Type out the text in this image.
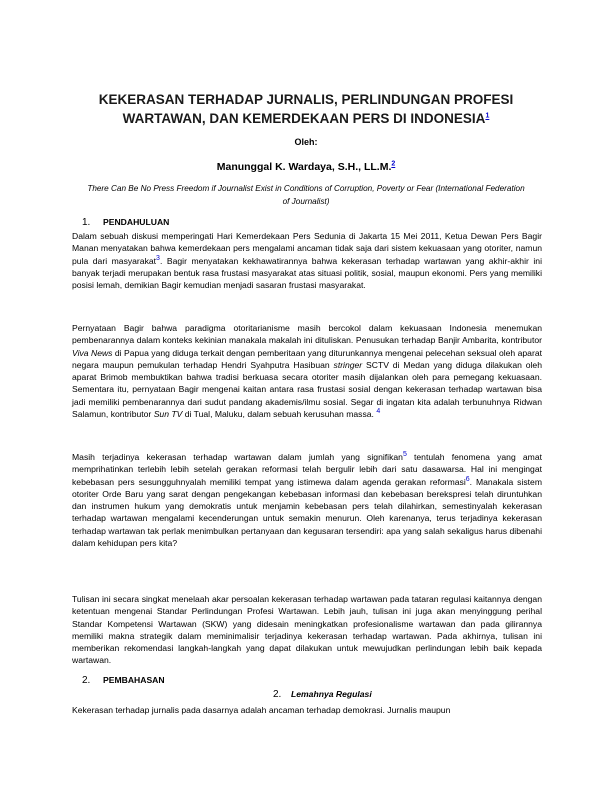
KEKERASAN TERHADAP JURNALIS, PERLINDUNGAN PROFESI
WARTAWAN, DAN KEMERDEKAAN PERS DI INDONESIA$^1$
Oleh:
Manunggal K. Wardaya, S.H., LL.M.$^2$
There Can Be No Press Freedom if Journalist Exist in Conditions of Corruption, Poverty or Fear (International Federation of Journalist)
1. PENDAHULUAN
Dalam sebuah diskusi memperingati Hari Kemerdekaan Pers Sedunia di Jakarta 15 Mei 2011, Ketua Dewan Pers Bagir Manan menyatakan bahwa kemerdekaan pers mengalami ancaman tidak saja dari sistem kekuasaan yang otoriter, namun pula dari masyarakat$^3$. Bagir menyatakan kekhawatirannya bahwa kekerasan terhadap wartawan yang akhir-akhir ini banyak terjadi merupakan bentuk rasa frustasi masyarakat atas situasi politik, sosial, maupun ekonomi. Pers yang memiliki posisi lemah, demikian Bagir kemudian menjadi sasaran frustasi masyarakat.
Pernyataan Bagir bahwa paradigma otoritarianisme masih bercokol dalam kekuasaan Indonesia menemukan pembenarannya dalam konteks kekinian manakala makalah ini dituliskan. Penusukan terhadap Banjir Ambarita, kontributor Viva News di Papua yang diduga terkait dengan pemberitaan yang diturunkannya mengenai pelecehan seksual oleh aparat negara maupun pemukulan terhadap Hendri Syahputra Hasibuan stringer SCTV di Medan yang diduga dilakukan oleh aparat Brimob membuktikan bahwa tradisi berkuasa secara otoriter masih dijalankan oleh para pemegang kekuasaan. Sementara itu, pernyataan Bagir mengenai kaitan antara rasa frustasi sosial dengan kekerasan terhadap wartawan bisa jadi memiliki pembenarannya dari sudut pandang akademis/ilmu sosial. Segar di ingatan kita adalah terbunuhnya Ridwan Salamun, kontributor Sun TV di Tual, Maluku, dalam sebuah kerusuhan massa. $^4$
Masih terjadinya kekerasan terhadap wartawan dalam jumlah yang signifikan$^5$ tentulah fenomena yang amat memprihatinkan terlebih lebih setelah gerakan reformasi telah bergulir lebih dari satu dasawarsa. Hal ini mengingat kebebasan pers sesungguhnyalah memiliki tempat yang istimewa dalam agenda gerakan reformasi$^6$. Manakala sistem otoriter Orde Baru yang sarat dengan pengekangan kebebasan informasi dan kebebasan berekspresi telah diruntuhkan dan instrumen hukum yang demokratis untuk menjamin kebebasan pers telah dilahirkan, semestinyalah kekerasan terhadap wartawan mengalami kecenderungan untuk semakin menurun. Oleh karenanya, terus terjadinya kekerasan terhadap wartawan tak perlak menimbulkan pertanyaan dan kegusaran tersendiri: apa yang salah sekaligus harus dibenahi dalam kehidupan pers kita?
Tulisan ini secara singkat menelaah akar persoalan kekerasan terhadap wartawan pada tataran regulasi kaitannya dengan ketentuan mengenai Standar Perlindungan Profesi Wartawan. Lebih jauh, tulisan ini juga akan menyinggung perihal Standar Kompetensi Wartawan (SKW) yang didesain meningkatkan profesionalisme wartawan dan pada gilirannya memiliki makna strategik dalam meminimalisir terjadinya kekerasan terhadap wartawan. Pada akhirnya, tulisan ini memberikan rekomendasi langkah-langkah yang dapat dilakukan untuk mewujudkan perlindungan lebih baik kepada wartawan.
2. PEMBAHASAN
2. Lemahnya Regulasi
Kekerasan terhadap jurnalis pada dasarnya adalah ancaman terhadap demokrasi. Jurnalis maupun
